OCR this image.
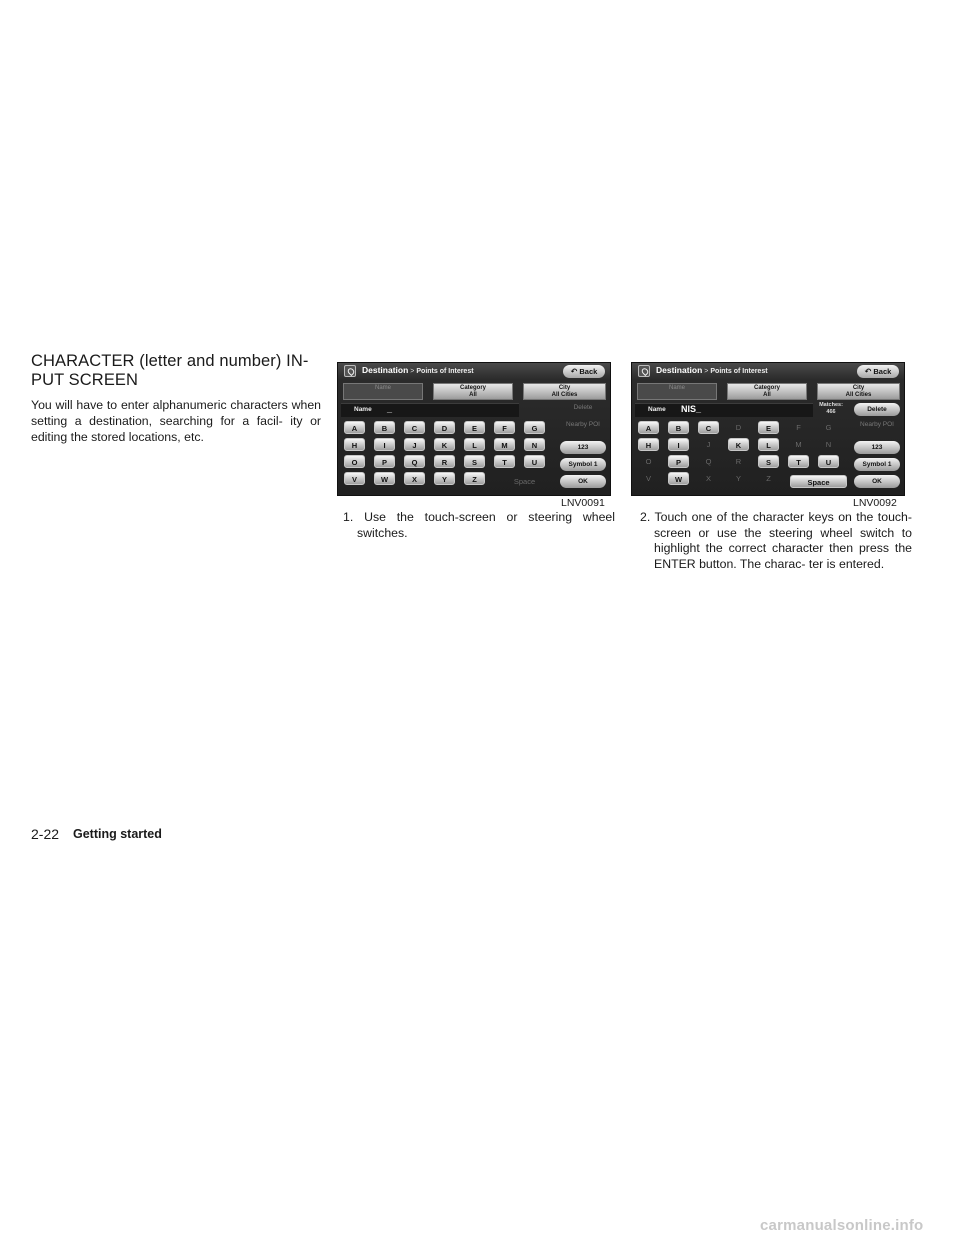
CHARACTER (letter and number) IN- PUT SCREEN

You will have to enter alphanumeric characters when setting a destination, searching for a facil- ity or editing the stored locations, etc.

Destination > Points of Interest	↶ Back
Name	Category
All
City
All Cities
Name _
Space
Delete
Nearby POI
123
Symbol 1
OK
A	B	C	D	E	F	G
H	I	J	K	L	M	N
O	P	Q	R	S	T	U
V	W	X	Y	Z
LNV0091

1. Use the touch-screen or steering wheel switches.

Destination > Points of Interest	↶ Back
Name	Category
All
City
All Cities
Name NIS_	Matches:
466
Space
Delete
Nearby POI
123
Symbol 1
OK
A	B	C	D	E	F	G
H	I	J	K	L	M	N
O	P	Q	R	S	T	U
V	W	X	Y	Z
LNV0092

2. Touch one of the character keys on the touch-screen or use the steering wheel switch to highlight the correct character then press the ENTER button. The charac- ter is entered.

2-22 Getting started
carmanualsonline.info
